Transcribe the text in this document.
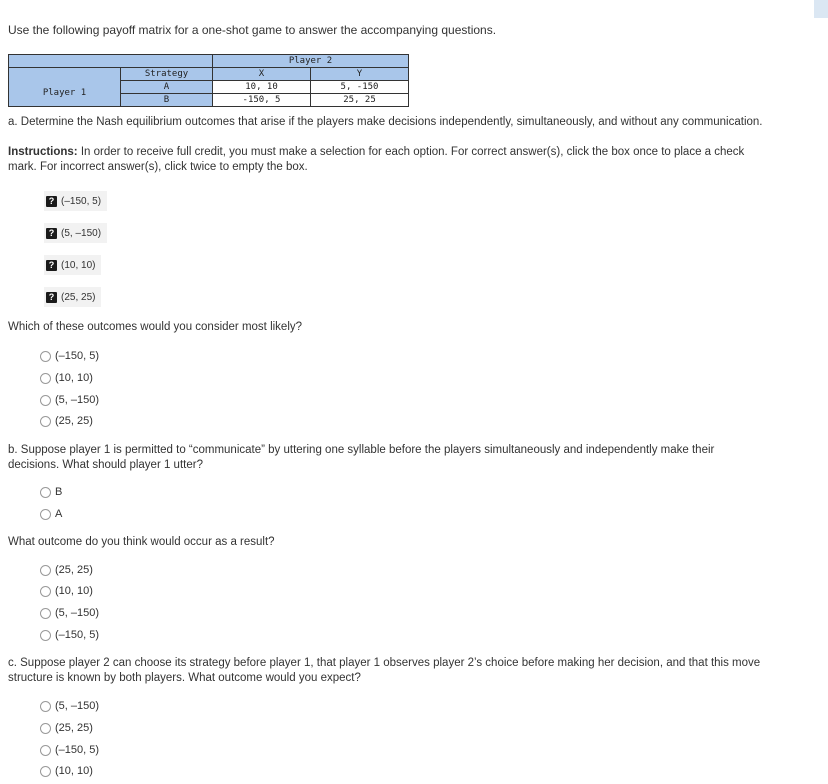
Use the following payoff matrix for a one-shot game to answer the accompanying questions.
		Player 2	
	Strategy	X	Y
Player 1	A	10, 10	5, -150
	B	-150, 5	25, 25
a. Determine the Nash equilibrium outcomes that arise if the players make decisions independently, simultaneously, and without any communication.
Instructions: In order to receive full credit, you must make a selection for each option. For correct answer(s), click the box once to place a check mark. For incorrect answer(s), click twice to empty the box.
? (–150, 5)
? (5, –150)
? (10, 10)
? (25, 25)
Which of these outcomes would you consider most likely?
(–150, 5)
(10, 10)
(5, –150)
(25, 25)
b. Suppose player 1 is permitted to “communicate” by uttering one syllable before the players simultaneously and independently make their decisions. What should player 1 utter?
B
A
What outcome do you think would occur as a result?
(25, 25)
(10, 10)
(5, –150)
(–150, 5)
c. Suppose player 2 can choose its strategy before player 1, that player 1 observes player 2’s choice before making her decision, and that this move structure is known by both players. What outcome would you expect?
(5, –150)
(25, 25)
(–150, 5)
(10, 10)
